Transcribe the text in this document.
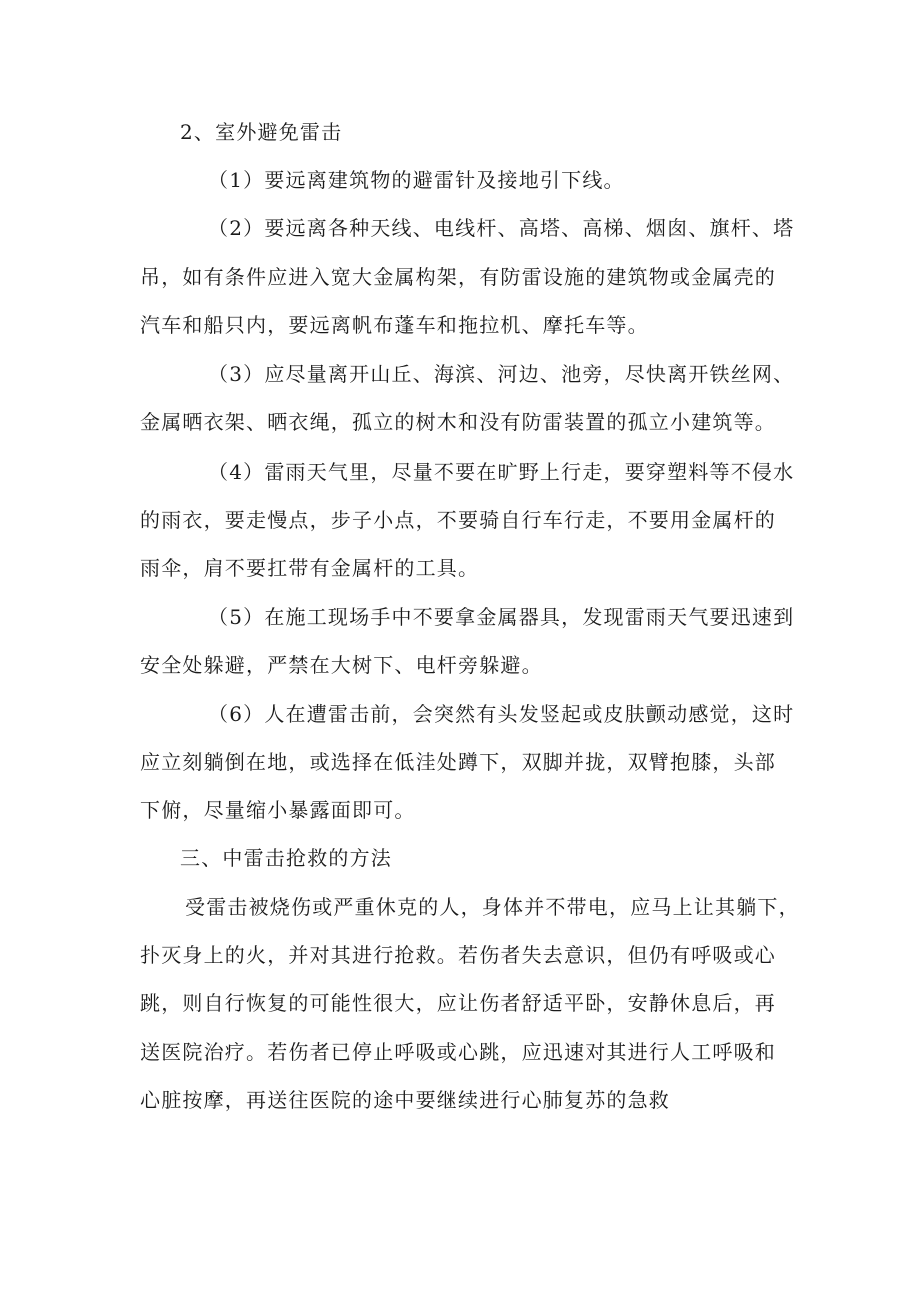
2、室外避免雷击
（1）要远离建筑物的避雷针及接地引下线。
（2）要远离各种天线、电线杆、高塔、高梯、烟囱、旗杆、塔
吊，如有条件应进入宽大金属构架，有防雷设施的建筑物或金属壳的
汽车和船只内，要远离帆布蓬车和拖拉机、摩托车等。
（3）应尽量离开山丘、海滨、河边、池旁，尽快离开铁丝网、
金属晒衣架、晒衣绳，孤立的树木和没有防雷装置的孤立小建筑等。
（4）雷雨天气里，尽量不要在旷野上行走，要穿塑料等不侵水
的雨衣，要走慢点，步子小点，不要骑自行车行走，不要用金属杆的
雨伞，肩不要扛带有金属杆的工具。
（5）在施工现场手中不要拿金属器具，发现雷雨天气要迅速到
安全处躲避，严禁在大树下、电杆旁躲避。
（6）人在遭雷击前，会突然有头发竖起或皮肤颤动感觉，这时
应立刻躺倒在地，或选择在低洼处蹲下，双脚并拢，双臂抱膝，头部
下俯，尽量缩小暴露面即可。
三、中雷击抢救的方法
受雷击被烧伤或严重休克的人，身体并不带电，应马上让其躺下，
扑灭身上的火，并对其进行抢救。若伤者失去意识，但仍有呼吸或心
跳，则自行恢复的可能性很大，应让伤者舒适平卧，安静休息后，再
送医院治疗。若伤者已停止呼吸或心跳，应迅速对其进行人工呼吸和
心脏按摩，再送往医院的途中要继续进行心肺复苏的急救
